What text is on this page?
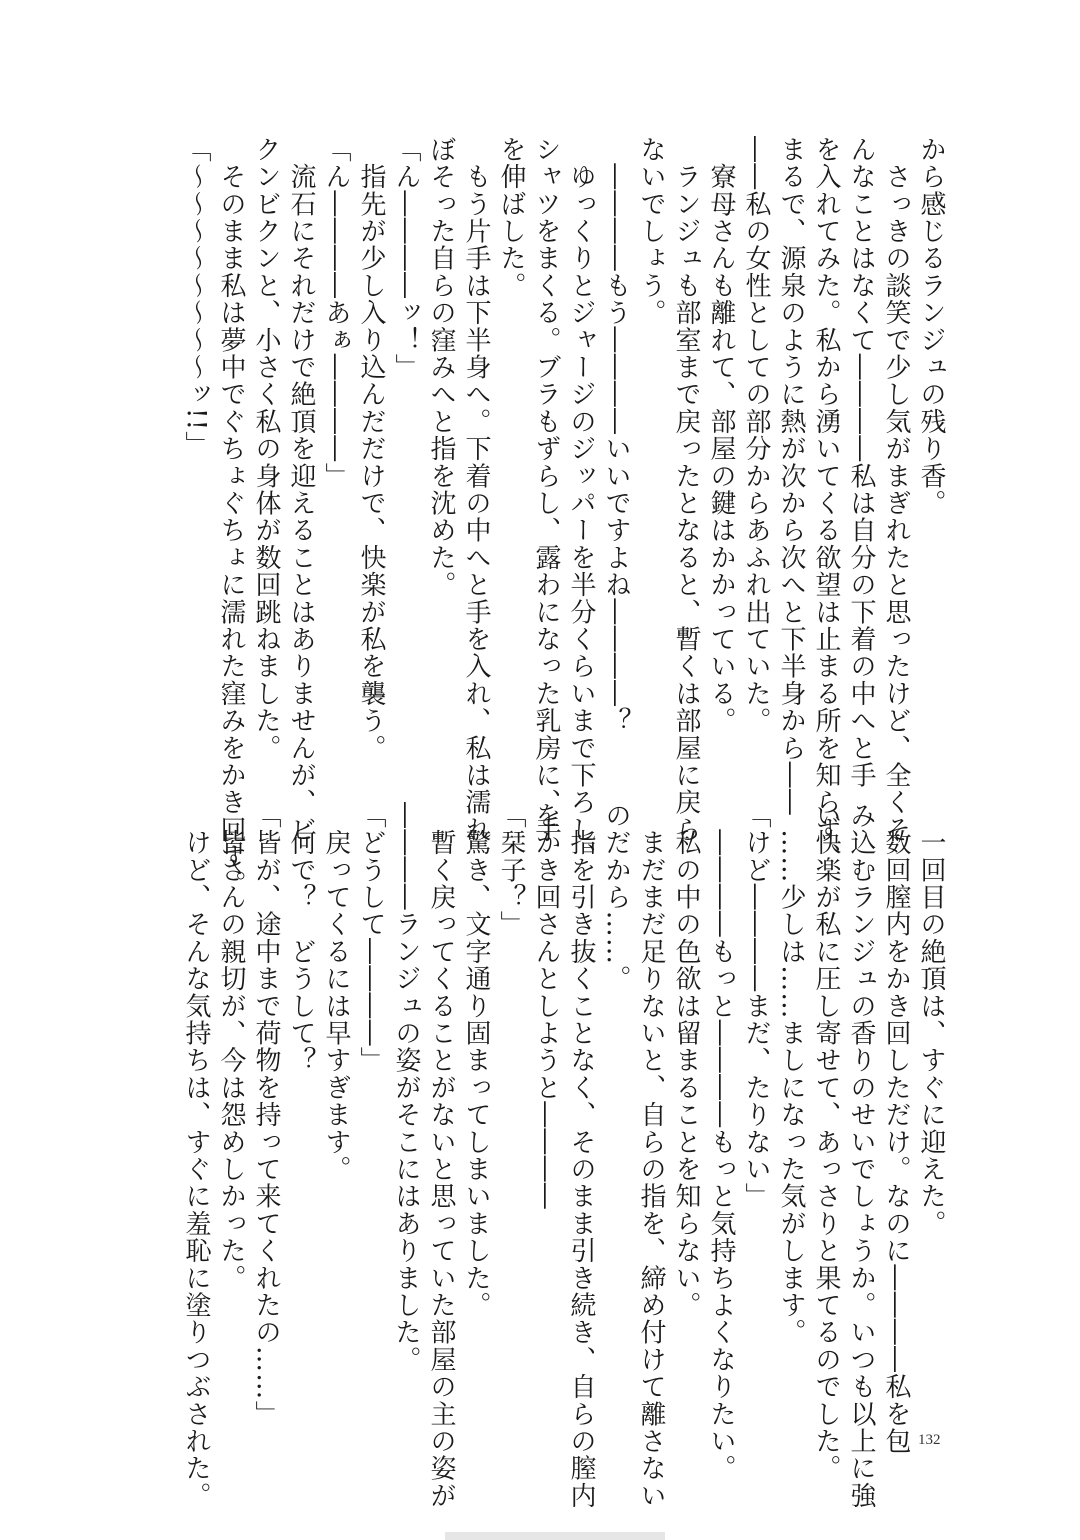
から感じるランジュの残り香。
　さっきの談笑で少し気がまぎれたと思ったけど、全くそ
んなことはなくて――――私は自分の下着の中へと手
を入れてみた。私から湧いてくる欲望は止まる所を知らず、
まるで、源泉のように熱が次から次へと下半身から――
――私の女性としての部分からあふれ出ていた。
　寮母さんも離れて、部屋の鍵はかかっている。
　ランジュも部室まで戻ったとなると、暫くは部屋に戻ら
ないでしょう。
　――――もう――――いいですよね――――？
　ゆっくりとジャージのジッパーを半分くらいまで下ろし、
シャツをまくる。ブラもずらし、露わになった乳房に、手
を伸ばした。
　もう片手は下半身へ。下着の中へと手を入れ、私は濡れ
ぼそった自らの窪みへと指を沈めた。
「ん――――ッ！」
　指先が少し入り込んだだけで、快楽が私を襲う。
「ん――――あぁ――――」
　流石にそれだけで絶頂を迎えることはありませんが、ビ
クンビクンと、小さく私の身体が数回跳ねました。
　そのまま私は夢中でぐちょぐちょに濡れた窪みをかき回す。
「～～～～～～～～ッ!!」
　一回目の絶頂は、すぐに迎えた。
　数回膣内をかき回しただけ。なのに――――私を包
み込むランジュの香りのせいでしょうか。いつも以上に強
い快楽が私に圧し寄せて、あっさりと果てるのでした。
　……少しは……ましになった気がします。
「けど――――まだ、たりない」
　――――もっと――――もっと気持ちよくなりたい。
　私の中の色欲は留まることを知らない。
　まだまだ足りないと、自らの指を、締め付けて離さない
のだから……。
　指を引き抜くことなく、そのまま引き続き、自らの膣内
をかき回さんとしようと――――
「栞子？」
　驚き、文字通り固まってしまいました。
　暫く戻ってくることがないと思っていた部屋の主の姿が
――――ランジュの姿がそこにはありました。
「どうして――――」
　戻ってくるには早すぎます。
　何で？　どうして？
「皆が、途中まで荷物を持って来てくれたの……」
　皆さんの親切が、今は怨めしかった。
　けど、そんな気持ちは、すぐに羞恥に塗りつぶされた。	132
